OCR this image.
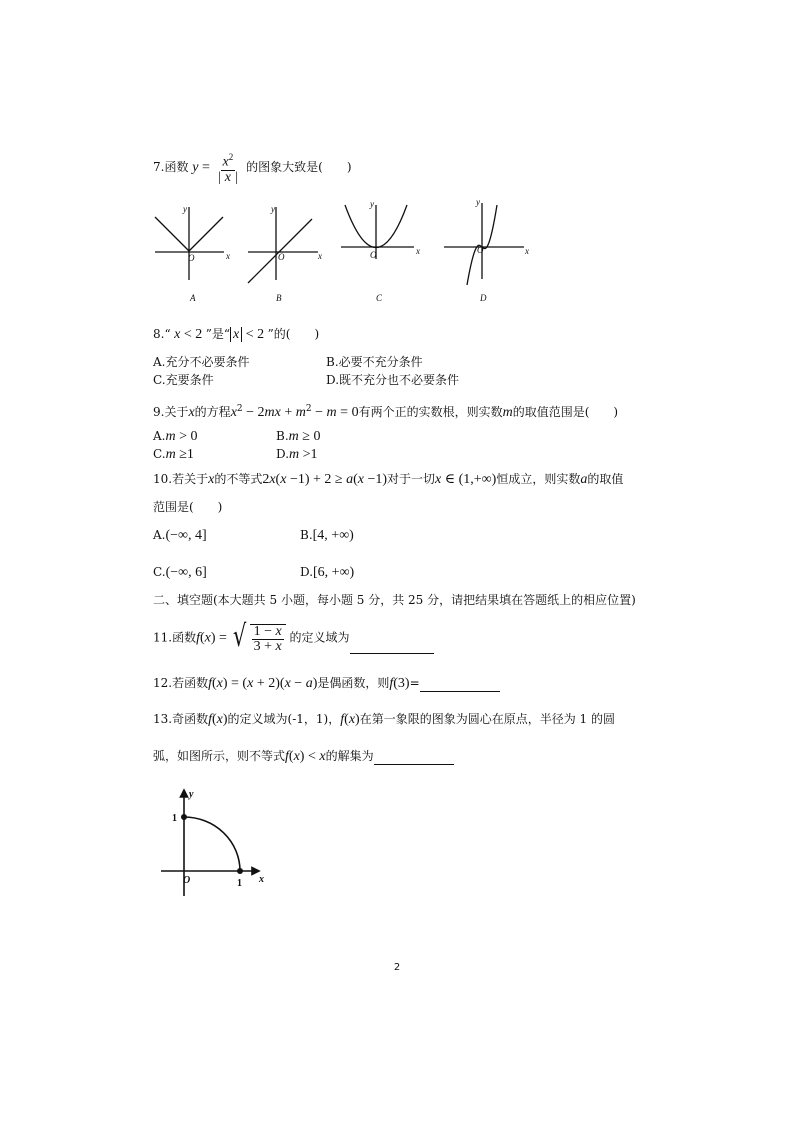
7.函数 $y = \frac{x^2}{| x |}$ 的图象大致是(　　)
y
x
O
y
x
O
y
x
O
y
x
O
A	B	C	D
8.“ x < 2 ”是“ x < 2 ”的(　　)
A.充分不必要条件	B.必要不充分条件
C.充要条件	D.既不充分也不必要条件
9.关于x的方程$x^2 - 2mx + m^2 - m = 0$有两个正的实数根，则实数m的取值范围是(　　)
A.m > 0	B.m ≥ 0
C.m ≥1	D.m >1
10.若关于x的不等式2x(x −1) + 2 ≥ a(x −1)对于一切x ∈ (1,+∞)恒成立，则实数a的取值
范围是(　　)
A.(−∞, 4]	B.[4, +∞)
C.(−∞, 6]	D.[6, +∞)
二、填空题(本大题共 5 小题，每小题 5 分，共 25 分，请把结果填在答题纸上的相应位置)
11.函数f(x) = √ $\frac{1 - x}{3 + x}$ 的定义域为
12.若函数f(x) = (x + 2)(x − a)是偶函数，则f(3)=
13.奇函数f(x)的定义域为(-1，1)，f(x)在第一象限的图象为圆心在原点，半径为 1 的圆
弧，如图所示，则不等式f(x) < x的解集为
y
x
O
1
1
2
